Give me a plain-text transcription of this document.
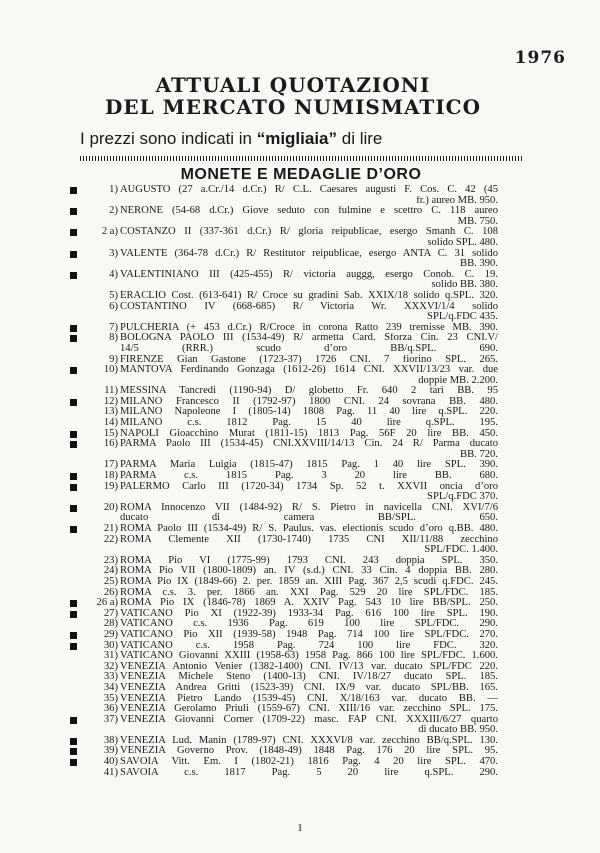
1976
ATTUALI QUOTAZIONI
DEL MERCATO NUMISMATICO
I prezzi sono indicati in “migliaia” di lire
MONETE E MEDAGLIE D’ORO
1) AUGUSTO (27 a.Cr./14 d.Cr.) R/ C.L. Caesares augusti F. Cos. C. 42 (45
fr.) aureo MB. 950.
2) NERONE (54-68 d.Cr.) Giove seduto con fulmine e scettro C. 118 aureo
MB. 750.
2 a) COSTANZO II (337-361 d.Cr.) R/ gloria reipublicae, esergo Smanh C. 108
solido SPL. 480.
3) VALENTE (364-78 d.Cr.) R/ Restitutor reipublicae, esergo ANTA C. 31 solido
BB. 390.
4) VALENTINIANO III (425-455) R/ victoria auggg, esergo Conob. C. 19.
solido BB. 380.
5) ERACLIO Cost. (613-641) R/ Croce su gradini Sab. XXIX/18 solido q.SPL. 320.
6) COSTANTINO IV (668-685) R/ Victoria Wr. XXXVI/1/4 solido
SPL/q.FDC 435.
7) PULCHERIA (+ 453 d.Cr.) R/Croce in corona Ratto 239 tremisse MB. 390.
8) BOLOGNA PAOLO III (1534-49) R/ armetta Card. Sforza Cin. 23 CNI.V/
14/5 (RRR.) scudo d’oro BB/q.SPL. 690.
9) FIRENZE Gian Gastone (1723-37) 1726 CNI. 7 fiorino SPL. 265.
10) MANTOVA Ferdinando Gonzaga (1612-26) 1614 CNI. XXVII/13/23 var. due
doppie MB. 2.200.
11) MESSINA Tancredi (1190-94) D/ globetto Fr. 640 2 tarì BB. 95
12) MILANO Francesco II (1792-97) 1800 CNI. 24 sovrana BB. 480.
13) MILANO Napoleone I (1805-14) 1808 Pag. 11 40 lire q.SPL. 220.
14) MILANO c.s. 1812 Pag. 15 40 lire q.SPL. 195.
15) NAPOLI Gioacchino Murat (1811-15) 1813 Pag. 56F 20 lire BB. 450.
16) PARMA Paolo III (1534-45) CNI.XXVIII/14/13 Cin. 24 R/ Parma ducato
BB. 720.
17) PARMA Maria Luigia (1815-47) 1815 Pag. 1 40 lire SPL. 390.
18) PARMA c.s. 1815 Pag. 3 20 lire BB. 680.
19) PALERMO Carlo III (1720-34) 1734 Sp. 52 t. XXVII oncia d’oro
SPL/q.FDC 370.
20) ROMA Innocenzo VII (1484-92) R/ S. Pietro in navicella CNI. XVI/7/6
ducato di camera BB/SPL. 650.
21) ROMA Paolo III (1534-49) R/ S. Paulus. vas. electionis scudo d’oro q.BB. 480.
22) ROMA Clemente XII (1730-1740) 1735 CNI XII/11/88 zecchino
SPL/FDC. 1.400.
23) ROMA Pio VI (1775-99) 1793 CNI. 243 doppia SPL. 350.
24) ROMA Pio VII (1800-1809) an. IV (s.d.) CNI. 33 Cin. 4 doppia BB. 280.
25) ROMA Pio IX (1849-66) 2. per. 1859 an. XIII Pag. 367 2,5 scudi q.FDC. 245.
26) ROMA c.s. 3. per. 1866 an. XXI Pag. 529 20 lire SPL/FDC. 185.
26 a) ROMA Pio IX (1846-78) 1869 A. XXIV Pag. 543 10 lire BB/SPL. 250.
27) VATICANO Pio XI (1922-39) 1933-34 Pag. 616 100 lire SPL. 190.
28) VATICANO c.s. 1936 Pag. 619 100 lire SPL/FDC. 290.
29) VATICANO Pio XII (1939-58) 1948 Pag. 714 100 lire SPL/FDC. 270.
30) VATICANO c.s. 1958 Pag. 724 100 lire FDC. 320.
31) VATICANO Giovanni XXIII (1958-63) 1958 Pag. 866 100 lire SPL/FDC. 1.600.
32) VENEZIA Antonio Venier (1382-1400) CNI. IV/13 var. ducato SPL/FDC 220.
33) VENEZIA Michele Steno (1400-13) CNI. IV/18/27 ducato SPL. 185.
34) VENEZIA Andrea Gritti (1523-39) CNI. IX/9 var. ducato SPL/BB. 165.
35) VENEZIA Pietro Lando (1539-45) CNI. X/18/163 var. ducato BB. —
36) VENEZIA Gerolamo Priuli (1559-67) CNI. XIII/16 var. zecchino SPL. 175.
37) VENEZIA Giovanni Corner (1709-22) masc. FAP CNI. XXXIII/6/27 quarto
di ducato BB. 950.
38) VENEZIA Lud. Manin (1789-97) CNI. XXXVI/8 var. zecchino BB/q.SPL. 130.
39) VENEZIA Governo Prov. (1848-49) 1848 Pag. 176 20 lire SPL. 95.
40) SAVOIA Vitt. Em. I (1802-21) 1816 Pag. 4 20 lire SPL. 470.
41) SAVOIA c.s. 1817 Pag. 5 20 lire q.SPL. 290.
1
